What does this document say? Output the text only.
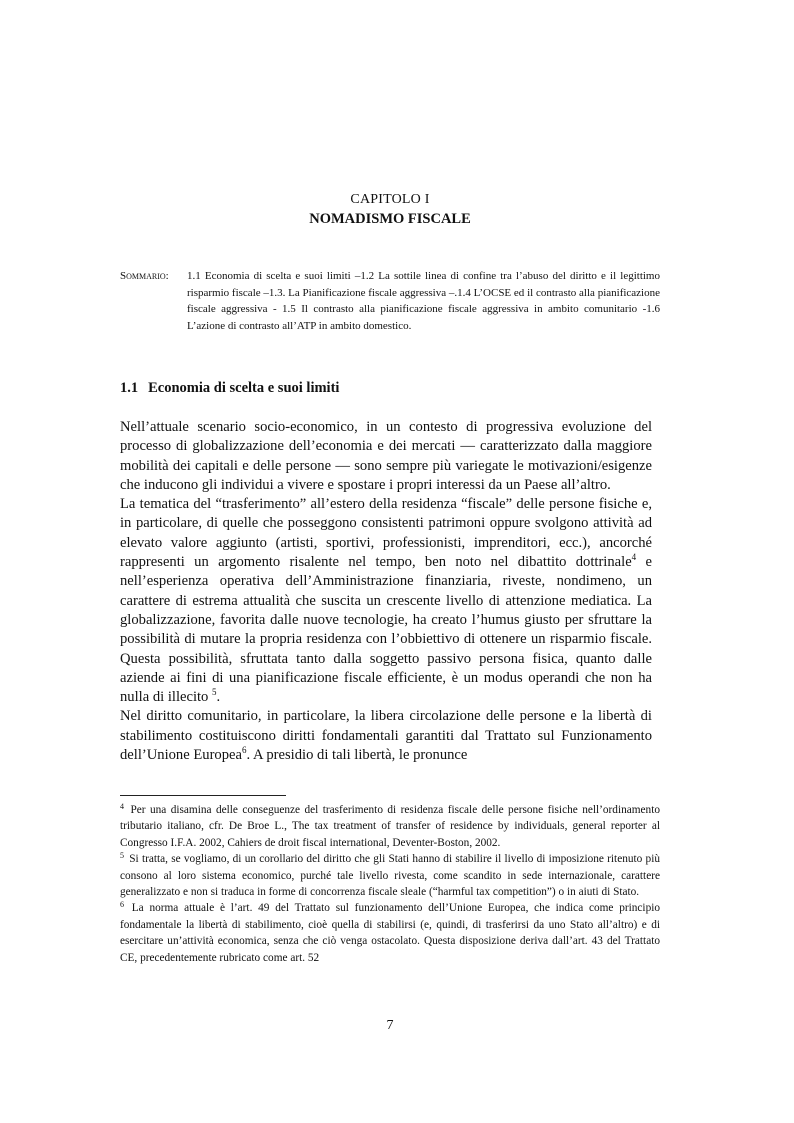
CAPITOLO I
NOMADISMO FISCALE
Sommario: 1.1 Economia di scelta e suoi limiti –1.2 La sottile linea di confine tra l’abuso del diritto e il legittimo risparmio fiscale –1.3. La Pianificazione fiscale aggressiva –.1.4 L’OCSE ed il contrasto alla pianificazione fiscale aggressiva - 1.5 Il contrasto alla pianificazione fiscale aggressiva in ambito comunitario -1.6 L’azione di contrasto all’ATP in ambito domestico.
1.1 Economia di scelta e suoi limiti

Nell’attuale scenario socio-economico, in un contesto di progressiva evoluzione del processo di globalizzazione dell’economia e dei mercati — caratterizzato dalla maggiore mobilità dei capitali e delle persone — sono sempre più variegate le motivazioni/esigenze che inducono gli individui a vivere e spostare i propri interessi da un Paese all’altro.

La tematica del “trasferimento” all’estero della residenza “fiscale” delle persone fisiche e, in particolare, di quelle che posseggono consistenti patrimoni oppure svolgono attività ad elevato valore aggiunto (artisti, sportivi, professionisti, imprenditori, ecc.), ancorché rappresenti un argomento risalente nel tempo, ben noto nel dibattito dottrinale$^4$ e nell’esperienza operativa dell’Amministrazione finanziaria, riveste, nondimeno, un carattere di estrema attualità che suscita un crescente livello di attenzione mediatica. La globalizzazione, favorita dalle nuove tecnologie, ha creato l’humus giusto per sfruttare la possibilità di mutare la propria residenza con l’obbiettivo di ottenere un risparmio fiscale. Questa possibilità, sfruttata tanto dalla soggetto passivo persona fisica, quanto dalle aziende ai fini di una pianificazione fiscale efficiente, è un modus operandi che non ha nulla di illecito $^5$.

Nel diritto comunitario, in particolare, la libera circolazione delle persone e la libertà di stabilimento costituiscono diritti fondamentali garantiti dal Trattato sul Funzionamento dell’Unione Europea$^6$. A presidio di tali libertà, le pronunce

$^4$ Per una disamina delle conseguenze del trasferimento di residenza fiscale delle persone fisiche nell’ordinamento tributario italiano, cfr. De Broe L., The tax treatment of transfer of residence by individuals, general reporter al Congresso I.F.A. 2002, Cahiers de droit fiscal international, Deventer-Boston, 2002.

$^5$ Si tratta, se vogliamo, di un corollario del diritto che gli Stati hanno di stabilire il livello di imposizione ritenuto più consono al loro sistema economico, purché tale livello rivesta, come scandito in sede internazionale, carattere generalizzato e non si traduca in forme di concorrenza fiscale sleale (“harmful tax competition”) o in aiuti di Stato.

$^6$ La norma attuale è l’art. 49 del Trattato sul funzionamento dell’Unione Europea, che indica come principio fondamentale la libertà di stabilimento, cioè quella di stabilirsi (e, quindi, di trasferirsi da uno Stato all’altro) e di esercitare un’attività economica, senza che ciò venga ostacolato. Questa disposizione deriva dall’art. 43 del Trattato CE, precedentemente rubricato come art. 52

7
